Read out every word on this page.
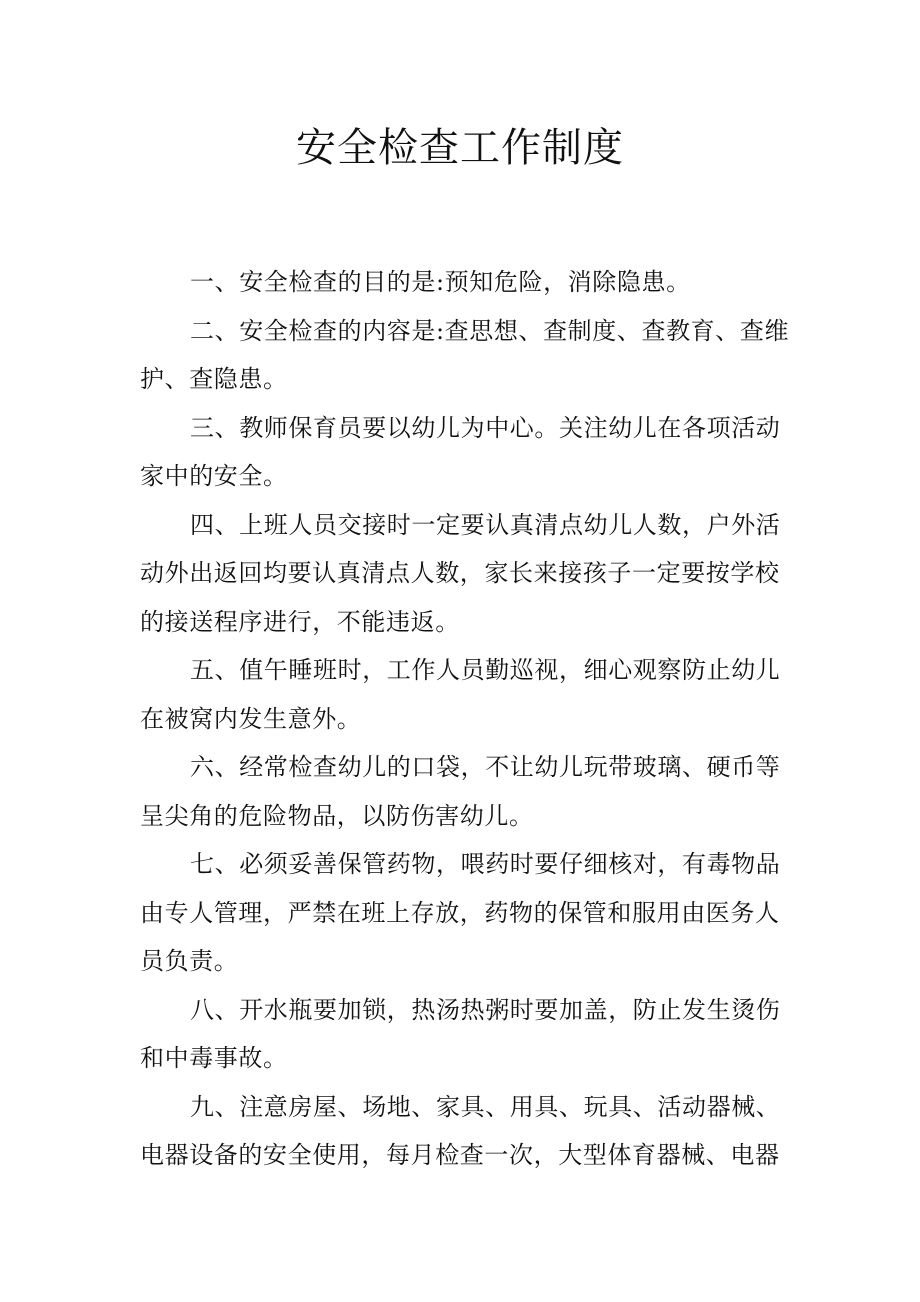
安全检查工作制度

一、安全检查的目的是:预知危险，消除隐患。

二、安全检查的内容是:查思想、查制度、查教育、查维护、查隐患。

三、教师保育员要以幼儿为中心。关注幼儿在各项活动家中的安全。

四、上班人员交接时一定要认真清点幼儿人数，户外活动外出返回均要认真清点人数，家长来接孩子一定要按学校的接送程序进行，不能违返。

五、值午睡班时，工作人员勤巡视，细心观察防止幼儿在被窝内发生意外。

六、经常检查幼儿的口袋，不让幼儿玩带玻璃、硬币等呈尖角的危险物品，以防伤害幼儿。

七、必须妥善保管药物，喂药时要仔细核对，有毒物品由专人管理，严禁在班上存放，药物的保管和服用由医务人员负责。

八、开水瓶要加锁，热汤热粥时要加盖，防止发生烫伤和中毒事故。

九、注意房屋、场地、家具、用具、玩具、活动器械、电器设备的安全使用，每月检查一次，大型体育器械、电器
